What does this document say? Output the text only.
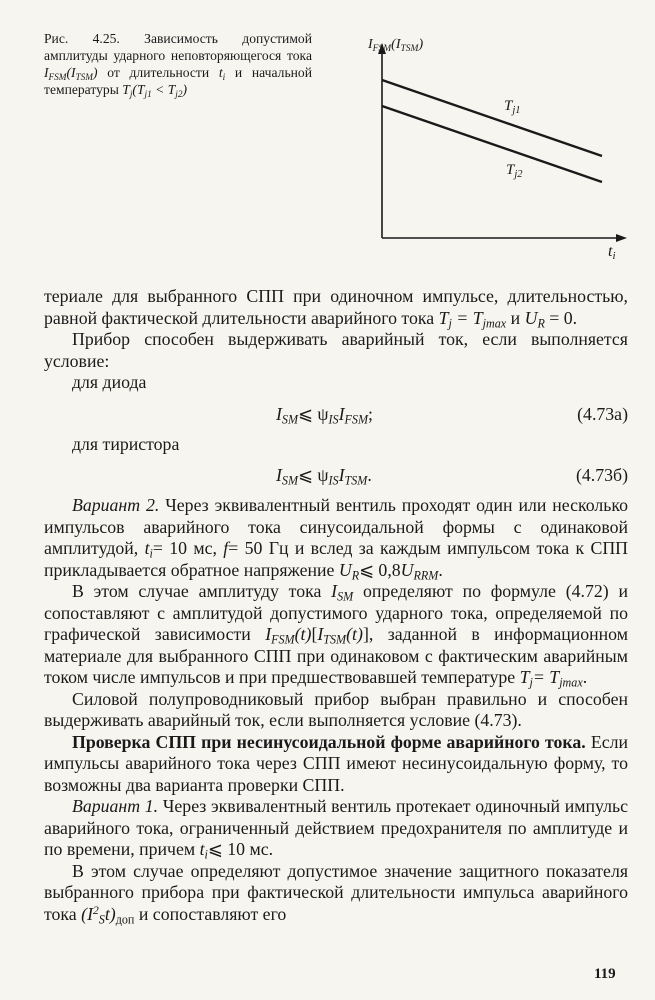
Рис. 4.25. Зависимость допустимой амплитуды ударного неповторяющегося тока $I_{FSM}(I_{TSM})$ от длительности $t_i$ и начальной температуры $T_j(T_{j1} < T_{j2})$
$I_{FSM}(I_{TSM})$
$T_{j1}$
$T_{j2}$
ti

териале для выбранного СПП при одиночном импульсе, длительностью, равной фактической длительности аварийного тока $T_j = T_{jmax}$ и $U_R = 0$.

Прибор способен выдерживать аварийный ток, если выполняется условие:

для диода

$I_{SM}⩽$ $\psi_{IS}I_{FSM}$;	(4.73а)

для тиристора

$I_{SM}⩽$ $\psi_{IS}I_{TSM}$.	(4.73б)

Вариант 2. Через эквивалентный вентиль проходят один или несколько импульсов аварийного тока синусоидальной формы с одинаковой амплитудой, $t_i= 10$ мс, f= 50 Гц и вслед за каждым импульсом тока к СПП прикладывается обратное напряжение $U_R⩽$ $0,8U_{RRM}$.

В этом случае амплитуду тока $I_{SM}$ определяют по формуле (4.72) и сопоставляют с амплитудой допустимого ударного тока, определяемой по графической зависимости $I_{FSM}(t)[I_{TSM}(t)]$, заданной в информационном материале для выбранного СПП при одинаковом с фактическим аварийным током числе импульсов и при предшествовавшей температуре $T_j= T_{jmax}$.

Силовой полупроводниковый прибор выбран правильно и способен выдерживать аварийный ток, если выполняется условие (4.73).

Проверка СПП при несинусоидальной форме аварийного тока. Если импульсы аварийного тока через СПП имеют несинусоидальную форму, то возможны два варианта проверки СПП.

Вариант 1. Через эквивалентный вентиль протекает одиночный импульс аварийного тока, ограниченный действием предохранителя по амплитуде и по времени, причем $t_i⩽$ 10 мс.

В этом случае определяют допустимое значение защитного показателя выбранного прибора при фактической длительности импульса аварийного тока $(I^2_St)_{доп}$ и сопоставляют его

119
